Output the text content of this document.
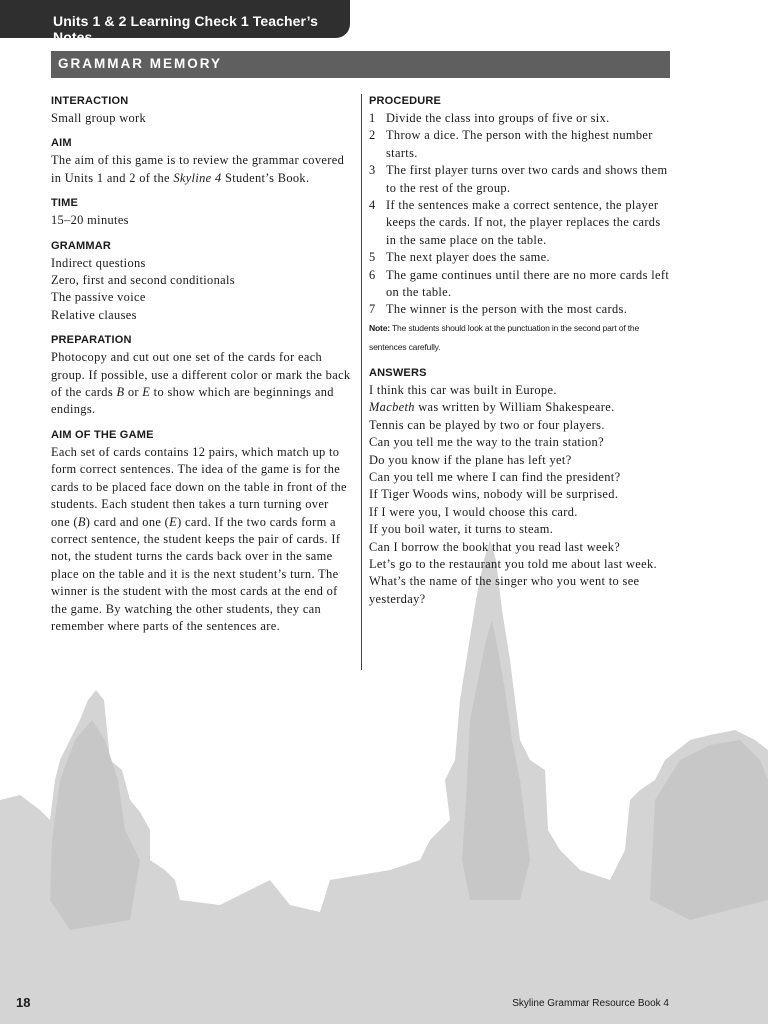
Units 1 & 2 Learning Check 1 Teacher’s Notes
GRAMMAR MEMORY
INTERACTION

Small group work

AIM

The aim of this game is to review the grammar covered in Units 1 and 2 of the Skyline 4 Student’s Book.

TIME

15–20 minutes

GRAMMAR

Indirect questions

Zero, first and second conditionals

The passive voice

Relative clauses

PREPARATION

Photocopy and cut out one set of the cards for each group. If possible, use a different color or mark the back of the cards B or E to show which are beginnings and endings.

AIM OF THE GAME

Each set of cards contains 12 pairs, which match up to form correct sentences. The idea of the game is for the cards to be placed face down on the table in front of the students. Each student then takes a turn turning over one (B) card and one (E) card. If the two cards form a correct sentence, the student keeps the pair of cards. If not, the student turns the cards back over in the same place on the table and it is the next student’s turn. The winner is the student with the most cards at the end of the game. By watching the other students, they can remember where parts of the sentences are.

PROCEDURE
1 Divide the class into groups of five or six.
2 Throw a dice. The person with the highest number starts.
3 The first player turns over two cards and shows them to the rest of the group.
4 If the sentences make a correct sentence, the player keeps the cards. If not, the player replaces the cards in the same place on the table.
5 The next player does the same.
6 The game continues until there are no more cards left on the table.
7 The winner is the person with the most cards.

Note: The students should look at the punctuation in the second part of the sentences carefully.

ANSWERS

I think this car was built in Europe.

Macbeth was written by William Shakespeare.

Tennis can be played by two or four players.

Can you tell me the way to the train station?

Do you know if the plane has left yet?

Can you tell me where I can find the president?

If Tiger Woods wins, nobody will be surprised.

If I were you, I would choose this card.

If you boil water, it turns to steam.

Can I borrow the book that you read last week?

Let’s go to the restaurant you told me about last week.

What’s the name of the singer who you went to see yesterday?

18	Skyline Grammar Resource Book 4
